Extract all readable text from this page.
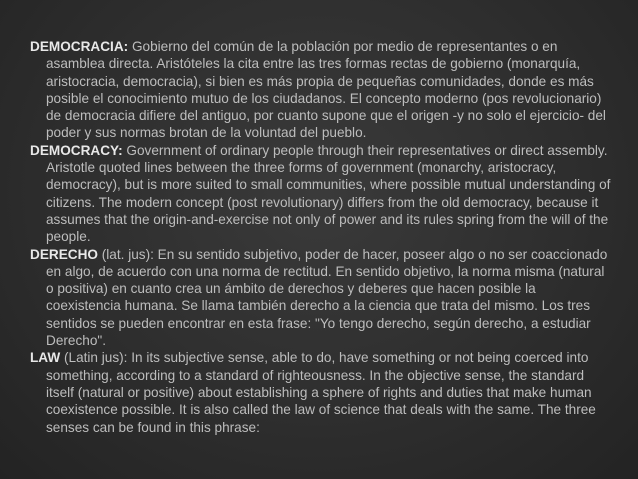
DEMOCRACIA: Gobierno del común de la población por medio de representantes o en asamblea directa. Aristóteles la cita entre las tres formas rectas de gobierno (monarquía, aristocracia, democracia), si bien es más propia de pequeñas comunidades, donde es más posible el conocimiento mutuo de los ciudadanos. El concepto moderno (pos revolucionario) de democracia difiere del antiguo, por cuanto supone que el origen -y no solo el ejercicio- del poder y sus normas brotan de la voluntad del pueblo.

DEMOCRACY: Government of ordinary people through their representatives or direct assembly. Aristotle quoted lines between the three forms of government (monarchy, aristocracy, democracy), but is more suited to small communities, where possible mutual understanding of citizens. The modern concept (post revolutionary) differs from the old democracy, because it assumes that the origin-and-exercise not only of power and its rules spring from the will of the people.

DERECHO (lat. jus): En su sentido subjetivo, poder de hacer, poseer algo o no ser coaccionado en algo, de acuerdo con una norma de rectitud. En sentido objetivo, la norma misma (natural o positiva) en cuanto crea un ámbito de derechos y deberes que hacen posible la coexistencia humana. Se llama también derecho a la ciencia que trata del mismo. Los tres sentidos se pueden encontrar en esta frase: "Yo tengo derecho, según derecho, a estudiar Derecho".

LAW (Latin jus): In its subjective sense, able to do, have something or not being coerced into something, according to a standard of righteousness. In the objective sense, the standard itself (natural or positive) about establishing a sphere of rights and duties that make human coexistence possible. It is also called the law of science that deals with the same. The three senses can be found in this phrase:
